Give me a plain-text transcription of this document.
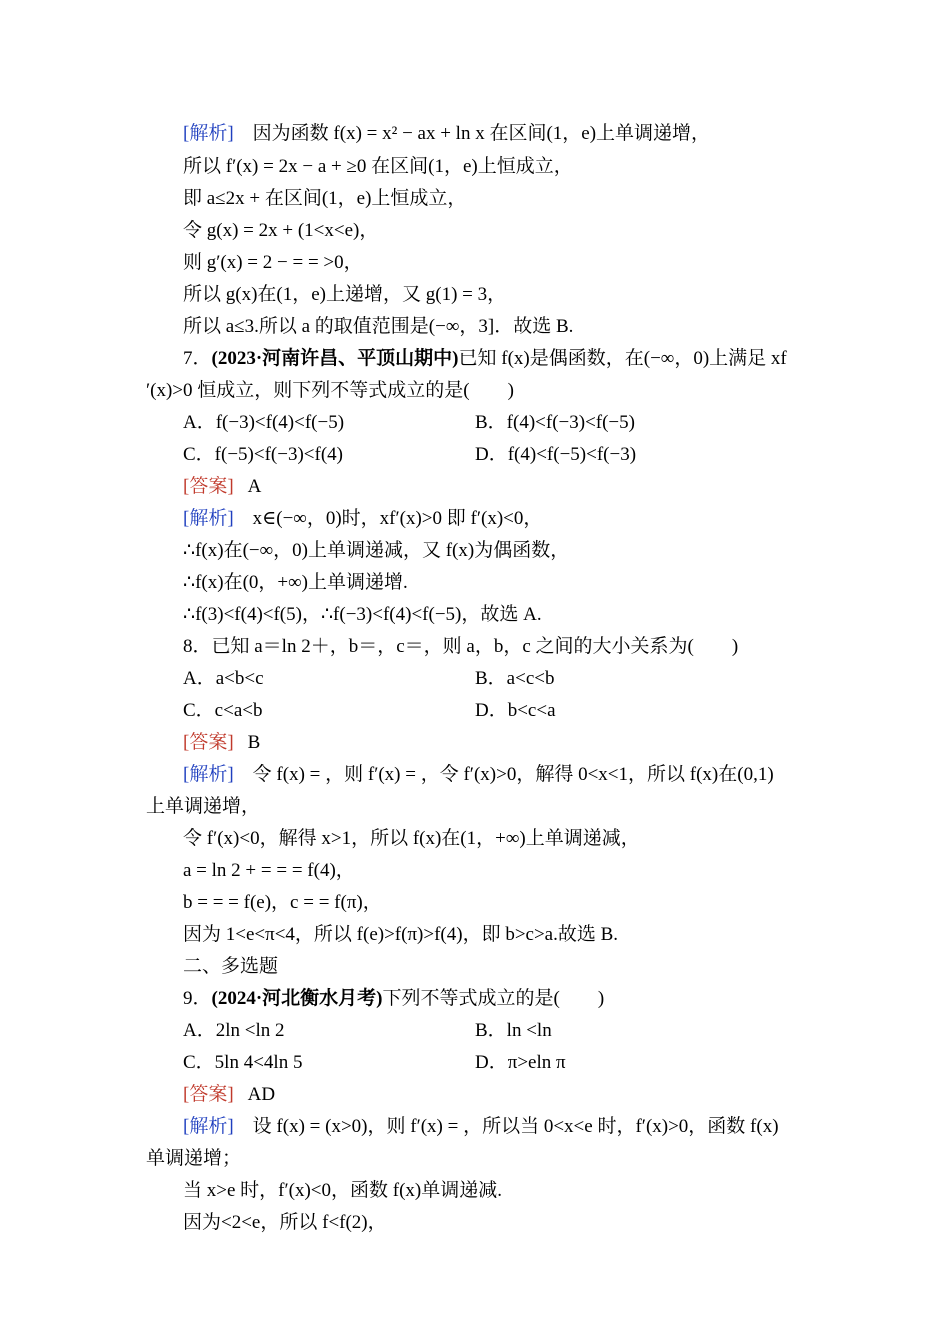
[解析]　 因为函数 f(x) = x² − ax + ln x 在区间(1，e)上单调递增，
所以 f′(x) = 2x − a + ≥0 在区间(1，e)上恒成立，
即 a≤2x + 在区间(1，e)上恒成立，
令 g(x) = 2x + (1<x<e)，
则 g′(x) = 2 − = = >0，
所以 g(x)在(1，e)上递增，又 g(1) = 3，
所以 a≤3.所以 a 的取值范围是(−∞，3]．故选 B.
7．(2023·河南许昌、平顶山期中)已知 f(x)是偶函数，在(−∞，0)上满足 xf
′(x)>0 恒成立，则下列不等式成立的是(　　)
A．f(−3)<f(4)<f(−5)	B．f(4)<f(−3)<f(−5)
C．f(−5)<f(−3)<f(4)	D．f(4)<f(−5)<f(−3)
[答案] A
[解析]　 x∈(−∞，0)时，xf′(x)>0 即 f′(x)<0，
∴f(x)在(−∞，0)上单调递减，又 f(x)为偶函数，
∴f(x)在(0，+∞)上单调递增.
∴f(3)<f(4)<f(5)，∴f(−3)<f(4)<f(−5)，故选 A.
8．已知 a＝ln 2＋，b＝，c＝，则 a，b，c 之间的大小关系为(　　)
A．a<b<c	B．a<c<b
C．c<a<b	D．b<c<a
[答案] B
[解析]　 令 f(x) = ，则 f′(x) = ，令 f′(x)>0，解得 0<x<1，所以 f(x)在(0,1)
上单调递增，
令 f′(x)<0，解得 x>1，所以 f(x)在(1，+∞)上单调递减，
a = ln 2 + = = = f(4)，
b = = = f(e)，c = = f(π)，
因为 1<e<π<4，所以 f(e)>f(π)>f(4)，即 b>c>a.故选 B.
二、多选题
9．(2024·河北衡水月考)下列不等式成立的是(　　)
A．2ln <ln 2	B．ln <ln
C．5ln 4<4ln 5	D．π>eln π
[答案] AD
[解析]　 设 f(x) = (x>0)，则 f′(x) = ，所以当 0<x<e 时，f′(x)>0，函数 f(x)
单调递增；
当 x>e 时，f′(x)<0，函数 f(x)单调递减.
因为<2<e，所以 f<f(2)，
